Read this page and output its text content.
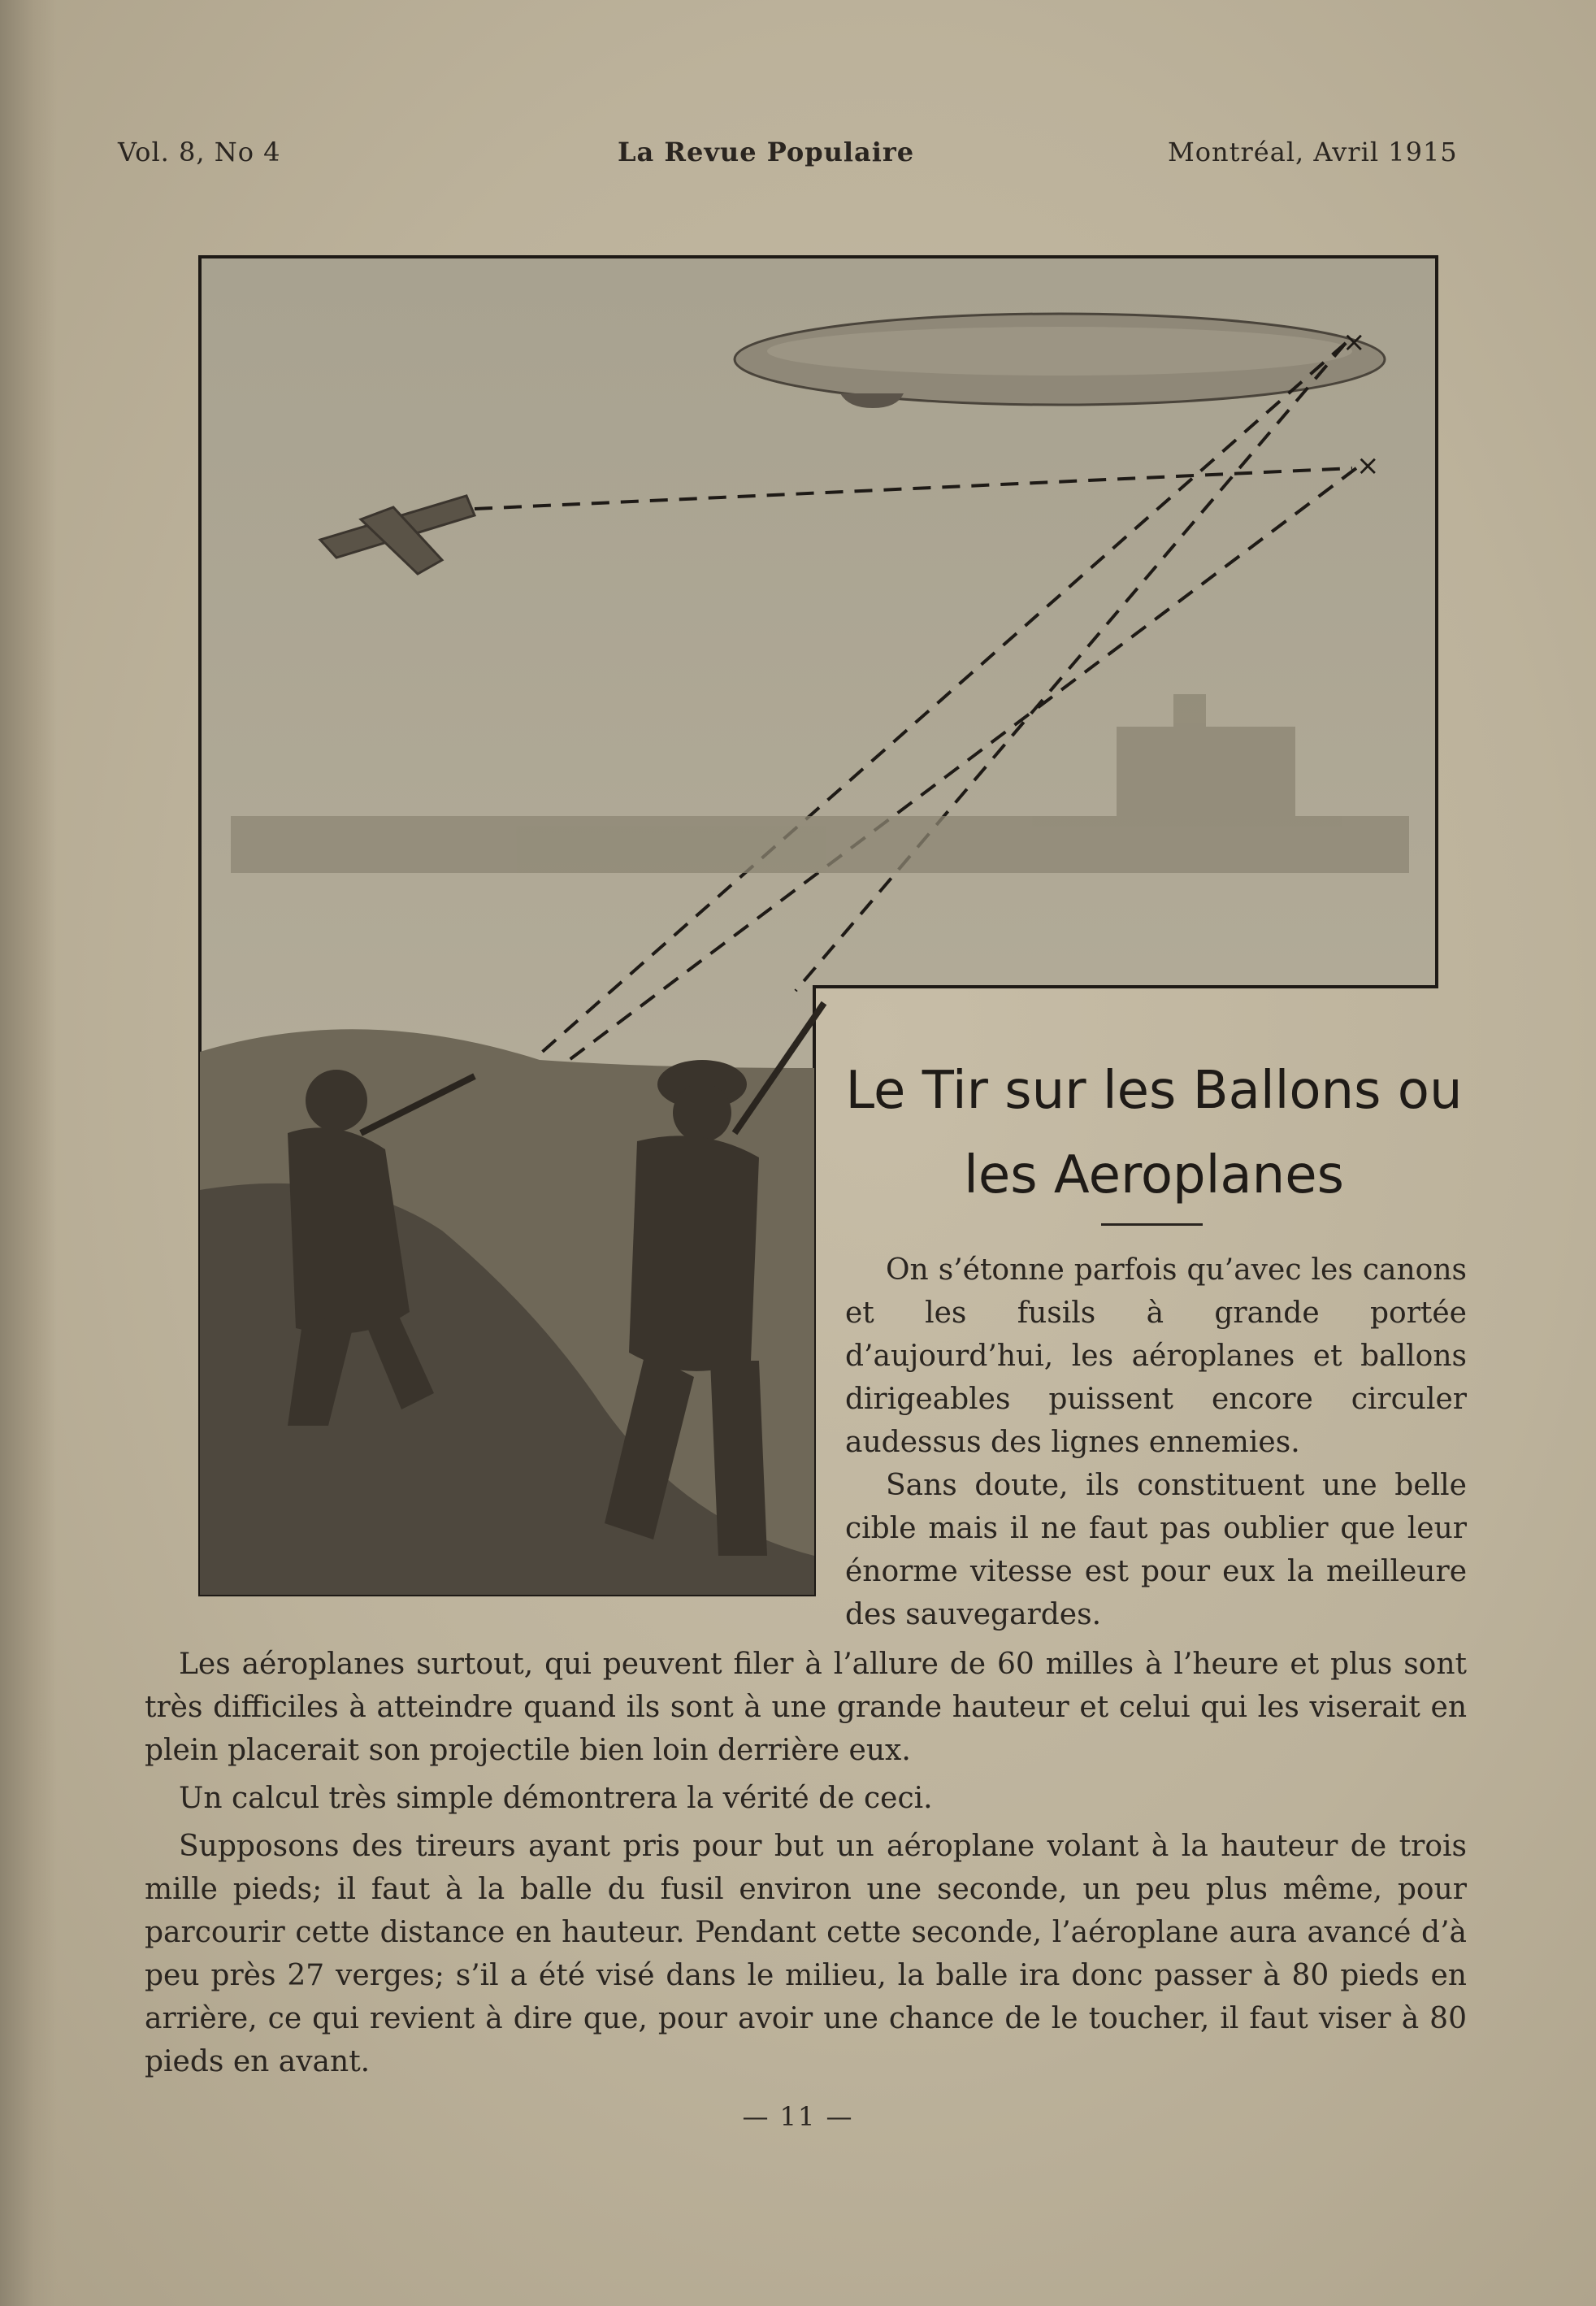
Vol. 8, No 4	La Revue Populaire	Montréal, Avril 1915
×
×
Le Tir sur les Ballons ou
les Aeroplanes

On s’étonne parfois qu’avec les canons et les fusils à grande portée d’aujourd’hui, les aéroplanes et ballons dirigeables puissent encore circuler audessus des lignes ennemies.

Sans doute, ils constituent une belle cible mais il ne faut pas oublier que leur énorme vitesse est pour eux la meilleure des sauvegardes.

Les aéroplanes surtout, qui peuvent filer à l’allure de 60 milles à l’heure et plus sont très difficiles à atteindre quand ils sont à une grande hauteur et celui qui les viserait en plein placerait son projectile bien loin derrière eux.

Un calcul très simple démontrera la vérité de ceci.

Supposons des tireurs ayant pris pour but un aéroplane volant à la hauteur de trois mille pieds; il faut à la balle du fusil environ une seconde, un peu plus même, pour parcourir cette distance en hauteur. Pendant cette seconde, l’aéroplane aura avancé d’à peu près 27 verges; s’il a été visé dans le milieu, la balle ira donc passer à 80 pieds en arrière, ce qui revient à dire que, pour avoir une chance de le toucher, il faut viser à 80 pieds en avant.

— 11 —
